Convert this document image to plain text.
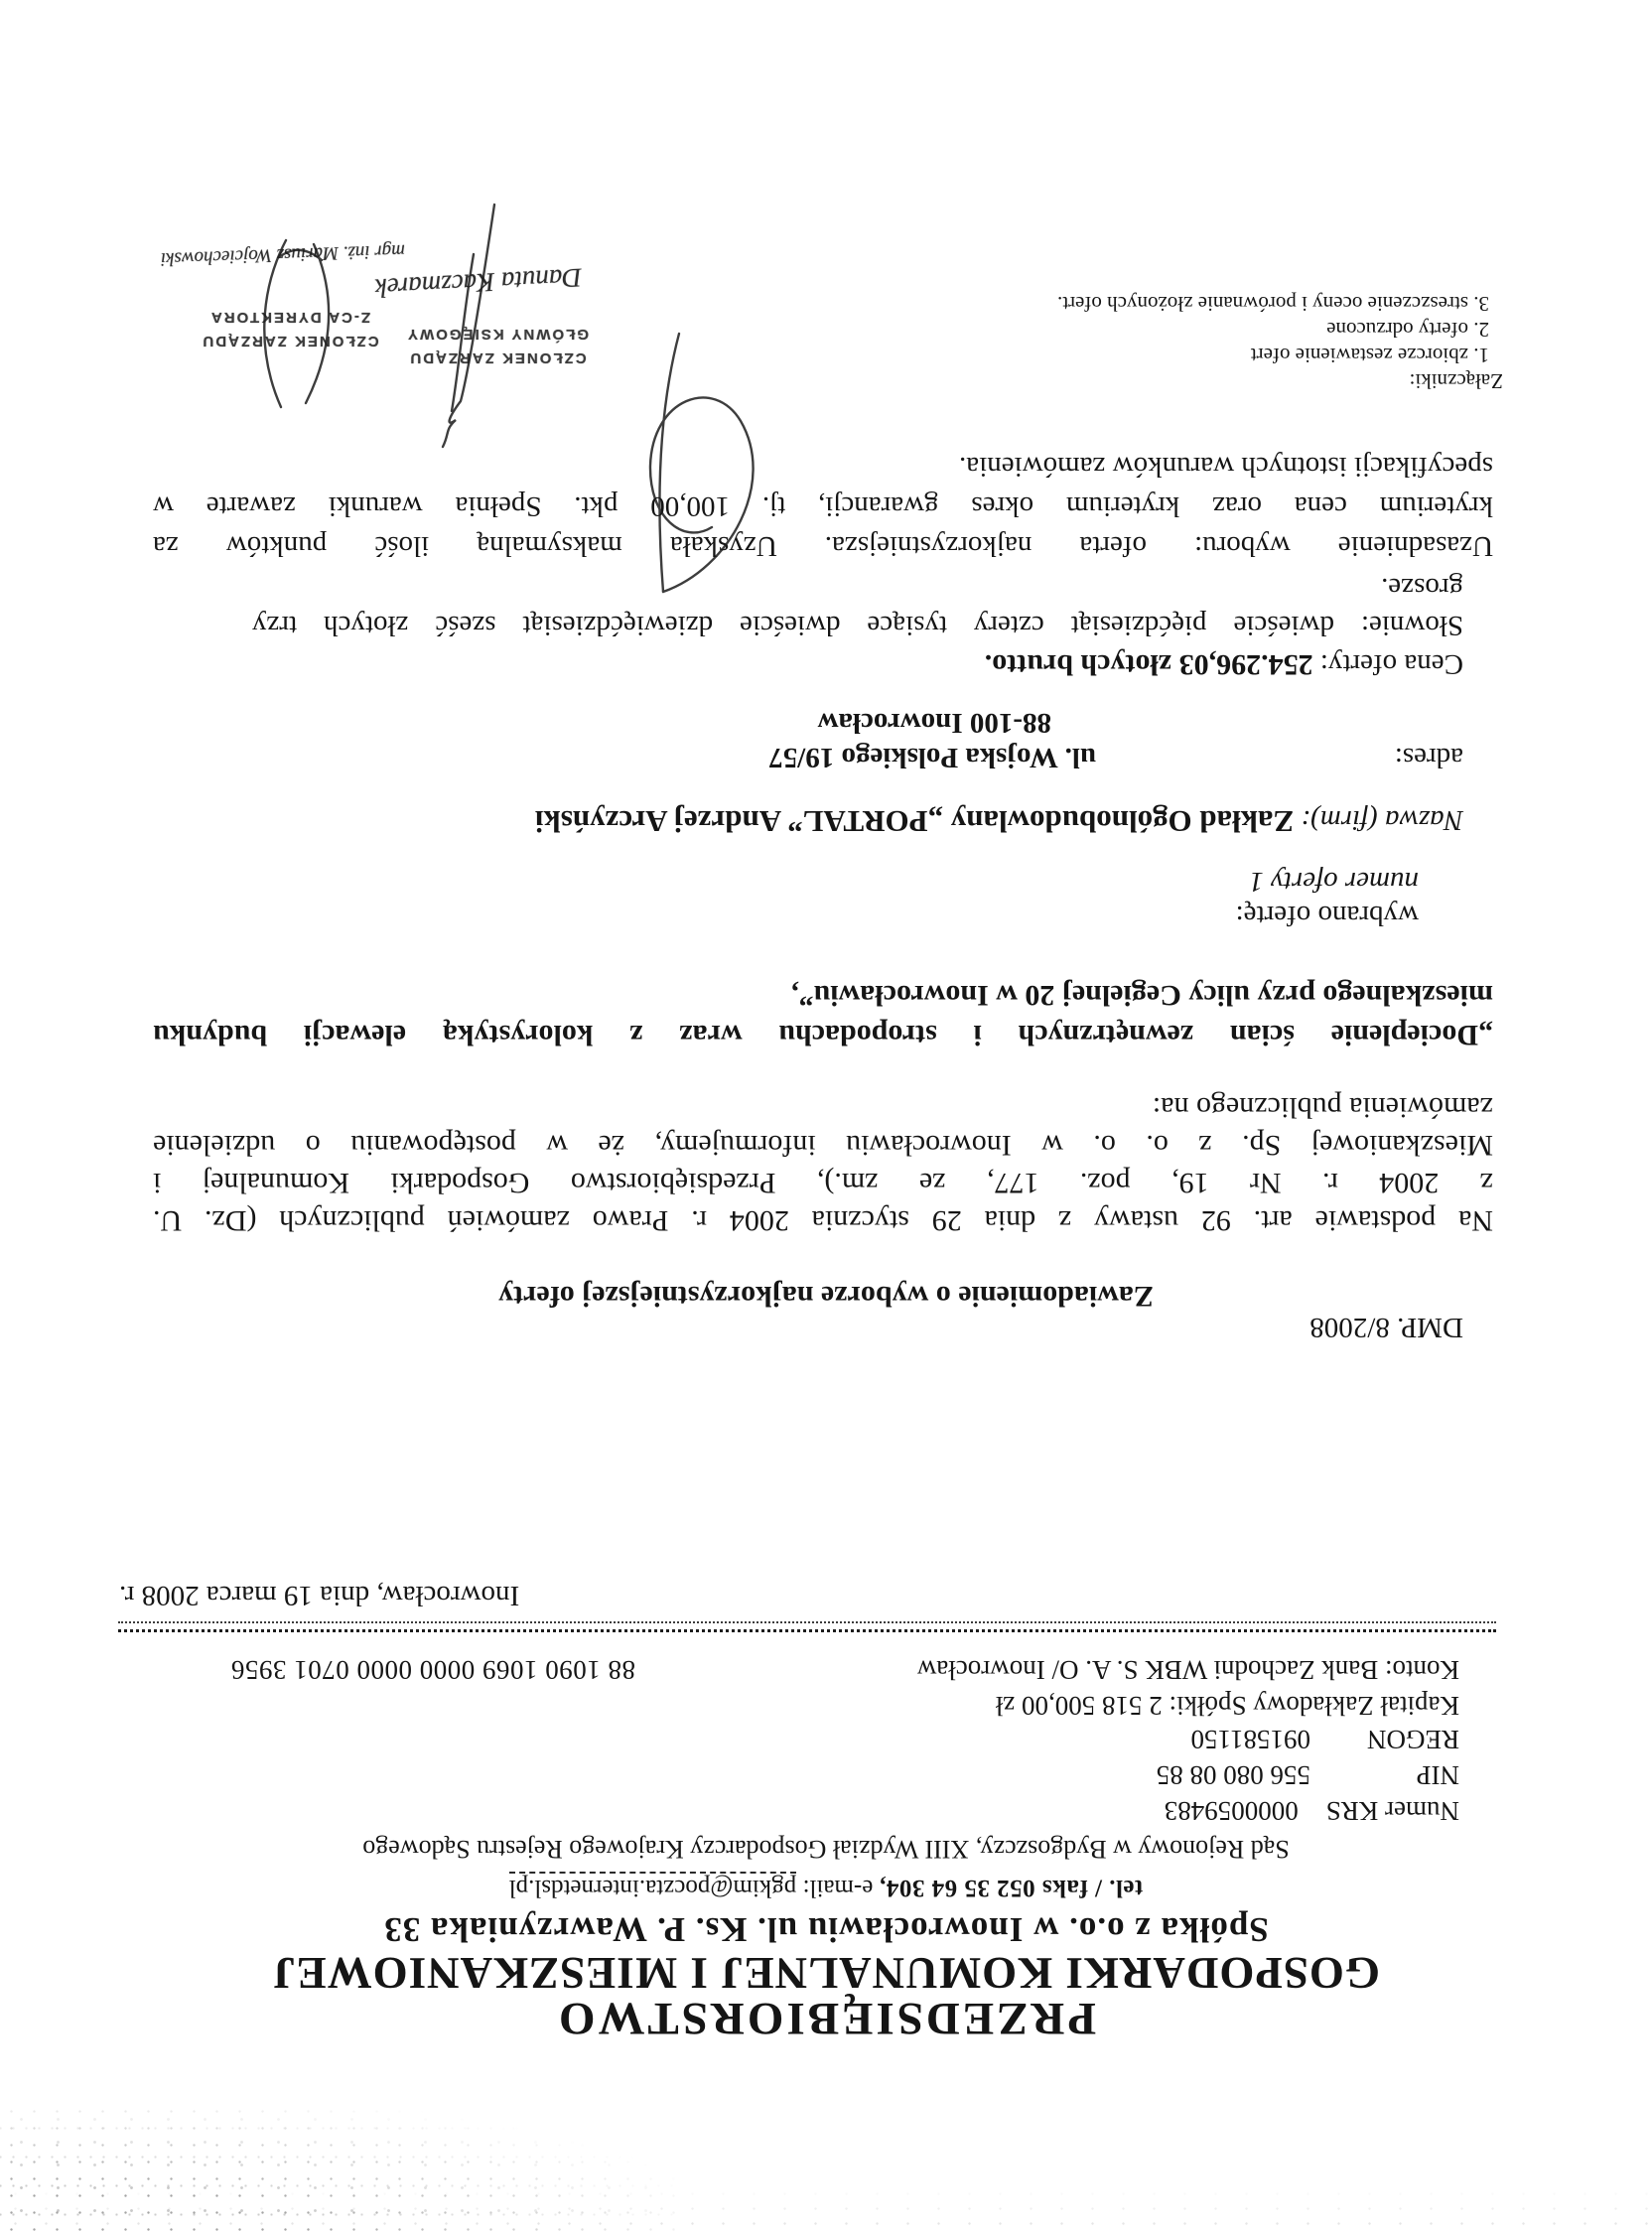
PRZEDSIĘBIORSTWO
GOSPODARKI KOMUNALNEJ I MIESZKANIOWEJ
Spółka z o.o. w Inowrocławiu ul. Ks. P. Wawrzyniaka 33
tel. / faks 052 35 64 304, e-mail: pgkim@poczta.internetdsl.pl
Sąd Rejonowy w Bydgoszczy, XIII Wydział Gospodarczy Krajowego Rejestru Sądowego
Numer KRS0000059483
NIP556 080 08 85
REGON091581150
Kapitał Zakładowy Spółki: 2 518 500,00 zł
Konto: Bank Zachodni WBK S. A. O/ Inowrocław
88 1090 1069 0000 0000 0701 3956
Inowrocław, dnia 19 marca 2008 r.
DMP. 8/2008
Zawiadomienie o wyborze najkorzystniejszej oferty
Na podstawie art. 92 ustawy z dnia 29 stycznia 2004 r. Prawo zamówień publicznych (Dz. U.
z 2004 r. Nr 19, poz. 177, ze zm.), Przedsiębiorstwo Gospodarki Komunalnej i
Mieszkaniowej Sp. z o. o. w Inowrocławiu informujemy, że w postępowaniu o udzielenie
zamówienia publicznego na:
„Docieplenie ścian zewnętrznych i stropodachu wraz z kolorystyką elewacji budynku
mieszkalnego przy ulicy Cegielnej 20 w Inowrocławiu”,
wybrano ofertę:
numer oferty 1
Nazwa (firm): Zakład Ogólnobudowlany „PORTAL” Andrzej Arczyński
adres:
ul. Wojska Polskiego 19/57
88-100 Inowrocław
Cena oferty: 254.296,03 złotych brutto.
Słownie: dwieście pięćdziesiąt cztery tysiące dwieście dziewięćdziesiąt sześć złotych trzy
grosze.
Uzasadnienie wyboru: oferta najkorzystniejsza. Uzyskała maksymalną ilość punktów za
kryterium cena oraz kryterium okres gwarancji, tj. 100,00 pkt. Spełnia warunki zawarte w
specyfikacji istotnych warunków zamówienia.
Załączniki:
1. zbiorcze zestawienie ofert
2. oferty odrzucone
3. streszczenie oceny i porównanie złożonych ofert.
CZŁONEK ZARZĄDU
GŁÓWNY KSIĘGOWY
CZŁONEK ZARZĄDU
Z-CA DYREKTORA
Danuta Kaczmarek
mgr inż. Mariusz Wojciechowski
